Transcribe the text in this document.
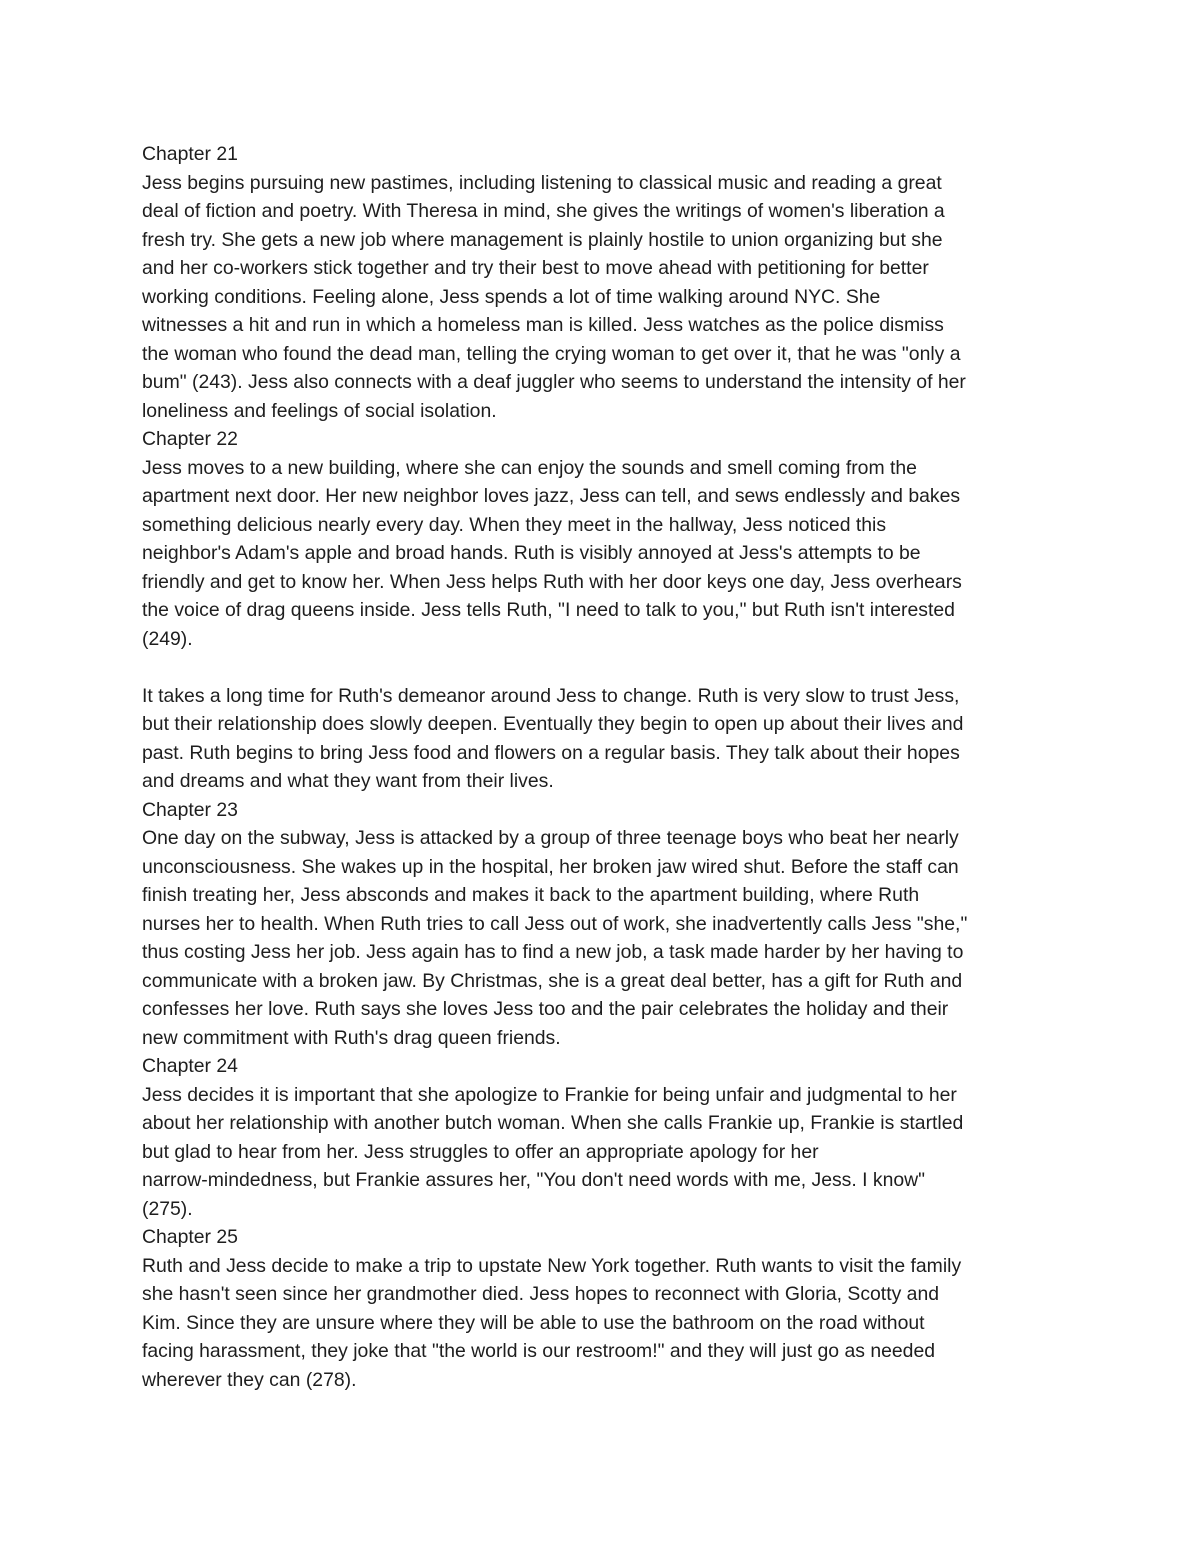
Chapter 21
Jess begins pursuing new pastimes, including listening to classical music and reading a great
deal of fiction and poetry. With Theresa in mind, she gives the writings of women's liberation a
fresh try. She gets a new job where management is plainly hostile to union organizing but she
and her co-workers stick together and try their best to move ahead with petitioning for better
working conditions. Feeling alone, Jess spends a lot of time walking around NYC. She
witnesses a hit and run in which a homeless man is killed. Jess watches as the police dismiss
the woman who found the dead man, telling the crying woman to get over it, that he was "only a
bum" (243). Jess also connects with a deaf juggler who seems to understand the intensity of her
loneliness and feelings of social isolation.
Chapter 22
Jess moves to a new building, where she can enjoy the sounds and smell coming from the
apartment next door. Her new neighbor loves jazz, Jess can tell, and sews endlessly and bakes
something delicious nearly every day. When they meet in the hallway, Jess noticed this
neighbor's Adam's apple and broad hands. Ruth is visibly annoyed at Jess's attempts to be
friendly and get to know her. When Jess helps Ruth with her door keys one day, Jess overhears
the voice of drag queens inside. Jess tells Ruth, "I need to talk to you," but Ruth isn't interested
(249).
It takes a long time for Ruth's demeanor around Jess to change. Ruth is very slow to trust Jess,
but their relationship does slowly deepen. Eventually they begin to open up about their lives and
past. Ruth begins to bring Jess food and flowers on a regular basis. They talk about their hopes
and dreams and what they want from their lives.
Chapter 23
One day on the subway, Jess is attacked by a group of three teenage boys who beat her nearly
unconsciousness. She wakes up in the hospital, her broken jaw wired shut. Before the staff can
finish treating her, Jess absconds and makes it back to the apartment building, where Ruth
nurses her to health. When Ruth tries to call Jess out of work, she inadvertently calls Jess "she,"
thus costing Jess her job. Jess again has to find a new job, a task made harder by her having to
communicate with a broken jaw. By Christmas, she is a great deal better, has a gift for Ruth and
confesses her love. Ruth says she loves Jess too and the pair celebrates the holiday and their
new commitment with Ruth's drag queen friends.
Chapter 24
Jess decides it is important that she apologize to Frankie for being unfair and judgmental to her
about her relationship with another butch woman. When she calls Frankie up, Frankie is startled
but glad to hear from her. Jess struggles to offer an appropriate apology for her
narrow-mindedness, but Frankie assures her, "You don't need words with me, Jess. I know"
(275).
Chapter 25
Ruth and Jess decide to make a trip to upstate New York together. Ruth wants to visit the family
she hasn't seen since her grandmother died. Jess hopes to reconnect with Gloria, Scotty and
Kim. Since they are unsure where they will be able to use the bathroom on the road without
facing harassment, they joke that "the world is our restroom!" and they will just go as needed
wherever they can (278).
